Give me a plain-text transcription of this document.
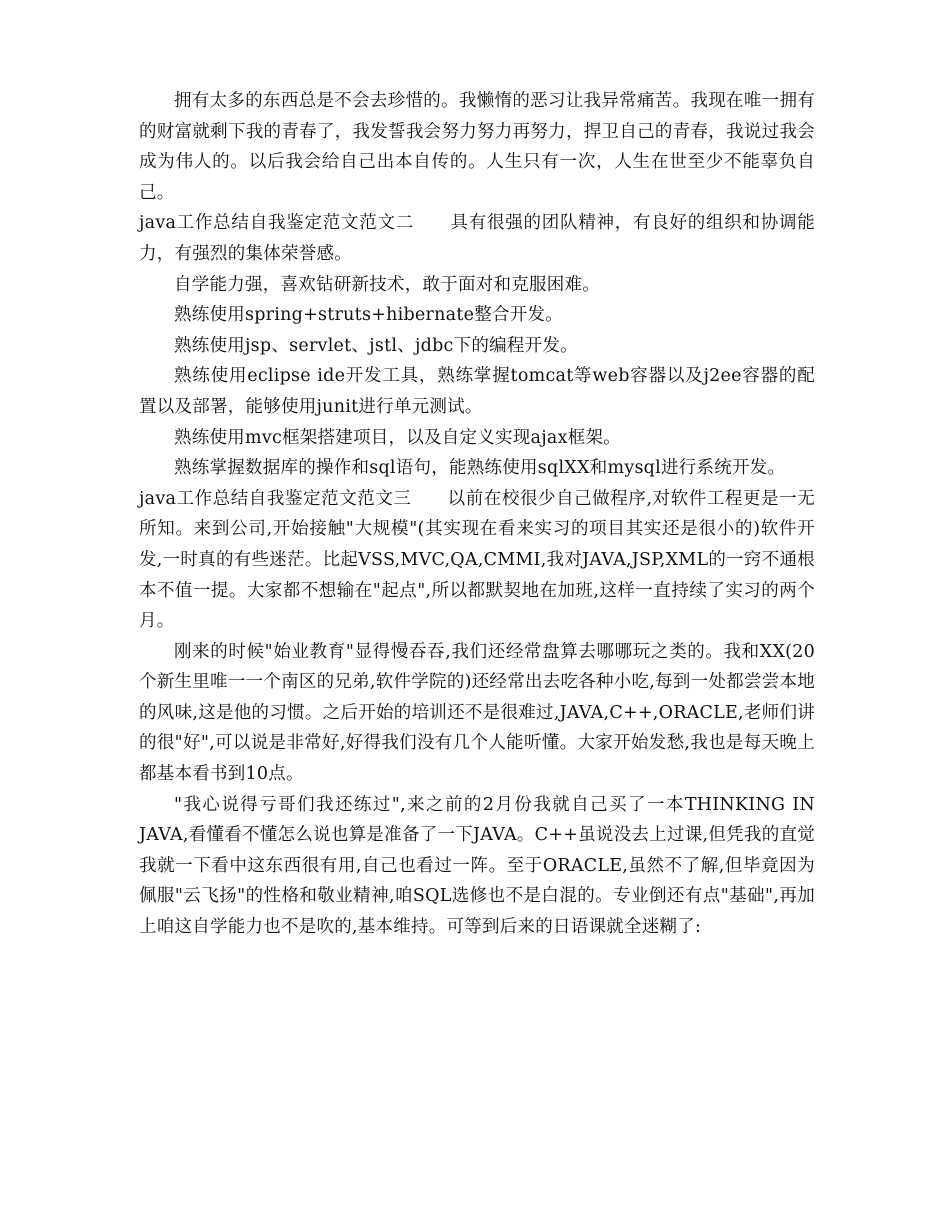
拥有太多的东西总是不会去珍惜的。我懒惰的恶习让我异常痛苦。我现在唯一拥有的财富就剩下我的青春了，我发誓我会努力努力再努力，捍卫自己的青春，我说过我会成为伟人的。以后我会给自己出本自传的。人生只有一次，人生在世至少不能辜负自己。

java工作总结自我鉴定范文范文二　　具有很强的团队精神，有良好的组织和协调能力，有强烈的集体荣誉感。

自学能力强，喜欢钻研新技术，敢于面对和克服困难。

熟练使用spring+struts+hibernate整合开发。

熟练使用jsp、servlet、jstl、jdbc下的编程开发。

熟练使用eclipse ide开发工具，熟练掌握tomcat等web容器以及j2ee容器的配置以及部署，能够使用junit进行单元测试。

熟练使用mvc框架搭建项目，以及自定义实现ajax框架。

熟练掌握数据库的操作和sql语句，能熟练使用sqlXX和mysql进行系统开发。

java工作总结自我鉴定范文范文三　　以前在校很少自己做程序,对软件工程更是一无所知。来到公司,开始接触"大规模"(其实现在看来实习的项目其实还是很小的)软件开发,一时真的有些迷茫。比起VSS,MVC,QA,CMMI,我对JAVA,JSP,XML的一窍不通根本不值一提。大家都不想输在"起点",所以都默契地在加班,这样一直持续了实习的两个月。

刚来的时候"始业教育"显得慢吞吞,我们还经常盘算去哪哪玩之类的。我和XX(20个新生里唯一一个南区的兄弟,软件学院的)还经常出去吃各种小吃,每到一处都尝尝本地的风味,这是他的习惯。之后开始的培训还不是很难过,JAVA,C++,ORACLE,老师们讲的很"好",可以说是非常好,好得我们没有几个人能听懂。大家开始发愁,我也是每天晚上都基本看书到10点。

"我心说得亏哥们我还练过",来之前的2月份我就自己买了一本THINKING IN JAVA,看懂看不懂怎么说也算是准备了一下JAVA。C++虽说没去上过课,但凭我的直觉我就一下看中这东西很有用,自己也看过一阵。至于ORACLE,虽然不了解,但毕竟因为佩服"云飞扬"的性格和敬业精神,咱SQL选修也不是白混的。专业倒还有点"基础",再加上咱这自学能力也不是吹的,基本维持。可等到后来的日语课就全迷糊了:
